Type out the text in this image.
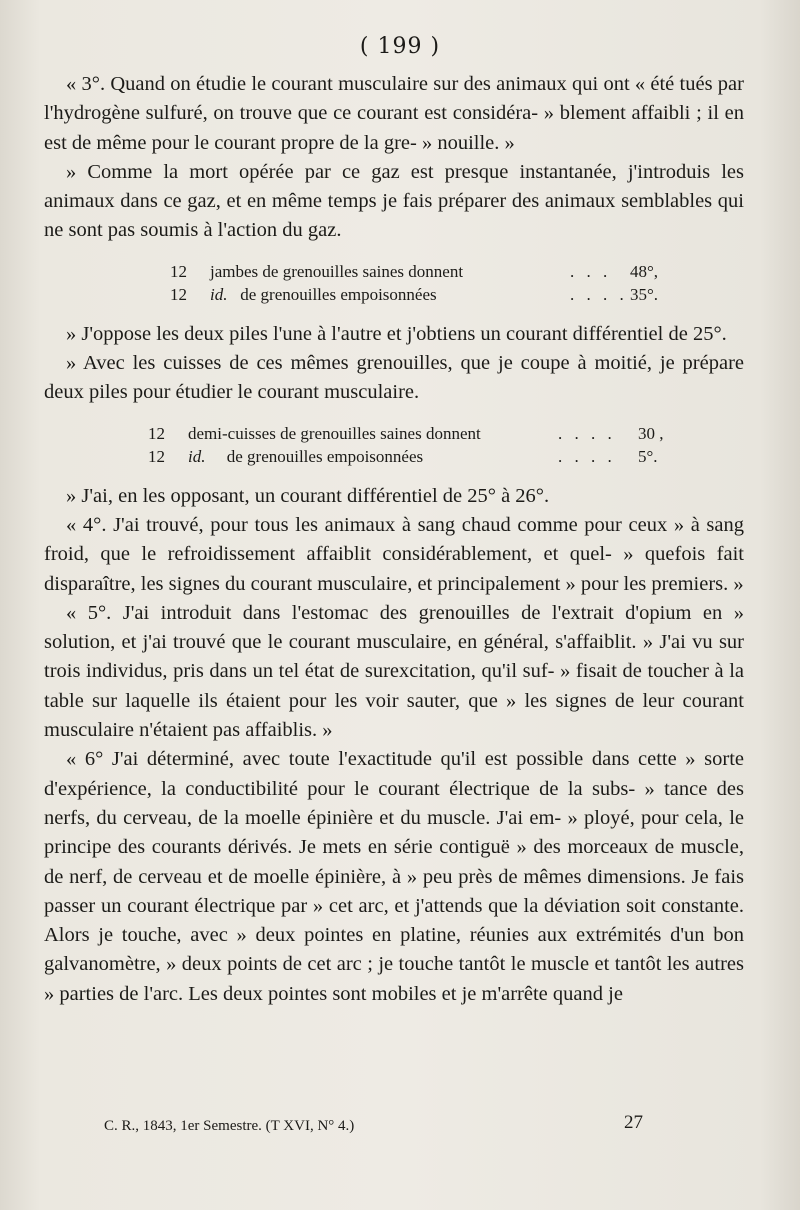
( 199 )

« 3°. Quand on étudie le courant musculaire sur des animaux qui ont « été tués par l'hydrogène sulfuré, on trouve que ce courant est considéra- » blement affaibli ; il en est de même pour le courant propre de la gre- » nouille. »

» Comme la mort opérée par ce gaz est presque instantanée, j'introduis les animaux dans ce gaz, et en même temps je fais préparer des animaux semblables qui ne sont pas soumis à l'action du gaz.

12	jambes de grenouilles saines donnent	. . .	48°,
12	id. de grenouilles empoisonnées	. . . . 35°.

» J'oppose les deux piles l'une à l'autre et j'obtiens un courant différentiel de 25°.

» Avec les cuisses de ces mêmes grenouilles, que je coupe à moitié, je prépare deux piles pour étudier le courant musculaire.

12	demi-cuisses de grenouilles saines donnent	. . . .	30 ,
12	id. de grenouilles empoisonnées	. . . .	5°.

» J'ai, en les opposant, un courant différentiel de 25° à 26°.

« 4°. J'ai trouvé, pour tous les animaux à sang chaud comme pour ceux » à sang froid, que le refroidissement affaiblit considérablement, et quel- » quefois fait disparaître, les signes du courant musculaire, et principalement » pour les premiers. »

« 5°. J'ai introduit dans l'estomac des grenouilles de l'extrait d'opium en » solution, et j'ai trouvé que le courant musculaire, en général, s'affaiblit. » J'ai vu sur trois individus, pris dans un tel état de surexcitation, qu'il suf- » fisait de toucher à la table sur laquelle ils étaient pour les voir sauter, que » les signes de leur courant musculaire n'étaient pas affaiblis. »

« 6° J'ai déterminé, avec toute l'exactitude qu'il est possible dans cette » sorte d'expérience, la conductibilité pour le courant électrique de la subs- » tance des nerfs, du cerveau, de la moelle épinière et du muscle. J'ai em- » ployé, pour cela, le principe des courants dérivés. Je mets en série contiguë » des morceaux de muscle, de nerf, de cerveau et de moelle épinière, à » peu près de mêmes dimensions. Je fais passer un courant électrique par » cet arc, et j'attends que la déviation soit constante. Alors je touche, avec » deux pointes en platine, réunies aux extrémités d'un bon galvanomètre, » deux points de cet arc ; je touche tantôt le muscle et tantôt les autres » parties de l'arc. Les deux pointes sont mobiles et je m'arrête quand je

C. R., 1843, 1er Semestre. (T XVI, N° 4.)	27
